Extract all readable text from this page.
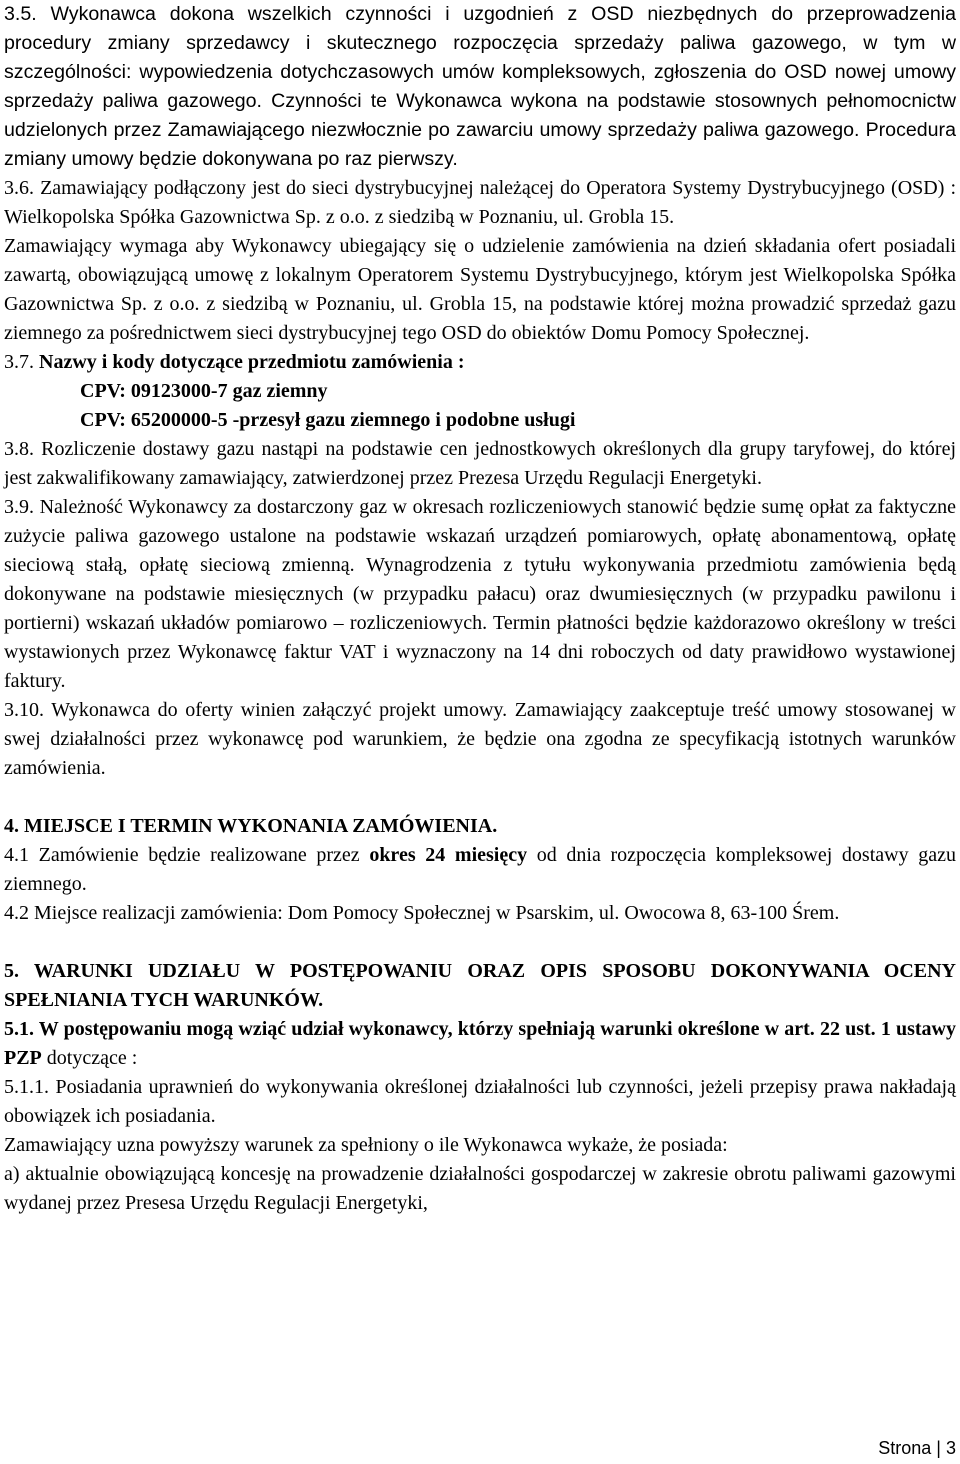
3.5. Wykonawca dokona wszelkich czynności i uzgodnień z OSD niezbędnych do przeprowadzenia procedury zmiany sprzedawcy i skutecznego rozpoczęcia sprzedaży paliwa gazowego, w tym w szczególności: wypowiedzenia dotychczasowych umów kompleksowych, zgłoszenia do OSD nowej umowy sprzedaży paliwa gazowego. Czynności te Wykonawca wykona na podstawie stosownych pełnomocnictw udzielonych przez Zamawiającego niezwłocznie po zawarciu umowy sprzedaży paliwa gazowego. Procedura zmiany umowy będzie dokonywana po raz pierwszy.

3.6. Zamawiający podłączony jest do sieci dystrybucyjnej należącej do Operatora Systemy Dystrybucyjnego (OSD) : Wielkopolska Spółka Gazownictwa Sp. z o.o. z siedzibą w Poznaniu, ul. Grobla 15.

Zamawiający wymaga aby Wykonawcy ubiegający się o udzielenie zamówienia na dzień składania ofert posiadali zawartą, obowiązującą umowę z lokalnym Operatorem Systemu Dystrybucyjnego, którym jest Wielkopolska Spółka Gazownictwa Sp. z o.o. z siedzibą w Poznaniu, ul. Grobla 15, na podstawie której można prowadzić sprzedaż gazu ziemnego za pośrednictwem sieci dystrybucyjnej tego OSD do obiektów Domu Pomocy Społecznej.

3.7. Nazwy i kody dotyczące przedmiotu zamówienia :

CPV: 09123000-7 gaz ziemny

CPV: 65200000-5 -przesył gazu ziemnego i podobne usługi

3.8. Rozliczenie dostawy gazu nastąpi na podstawie cen jednostkowych określonych dla grupy taryfowej, do której jest zakwalifikowany zamawiający, zatwierdzonej przez Prezesa Urzędu Regulacji Energetyki.

3.9. Należność Wykonawcy za dostarczony gaz w okresach rozliczeniowych stanowić będzie sumę opłat za faktyczne zużycie paliwa gazowego ustalone na podstawie wskazań urządzeń pomiarowych, opłatę abonamentową, opłatę sieciową stałą, opłatę sieciową zmienną. Wynagrodzenia z tytułu wykonywania przedmiotu zamówienia będą dokonywane na podstawie miesięcznych (w przypadku pałacu) oraz dwumiesięcznych (w przypadku pawilonu i portierni) wskazań układów pomiarowo – rozliczeniowych. Termin płatności będzie każdorazowo określony w treści wystawionych przez Wykonawcę faktur VAT i wyznaczony na 14 dni roboczych od daty prawidłowo wystawionej faktury.

3.10. Wykonawca do oferty winien załączyć projekt umowy. Zamawiający zaakceptuje treść umowy stosowanej w swej działalności przez wykonawcę pod warunkiem, że będzie ona zgodna ze specyfikacją istotnych warunków zamówienia.

4. MIEJSCE I TERMIN WYKONANIA ZAMÓWIENIA.

4.1 Zamówienie będzie realizowane przez okres 24 miesięcy od dnia rozpoczęcia kompleksowej dostawy gazu ziemnego.

4.2 Miejsce realizacji zamówienia: Dom Pomocy Społecznej w Psarskim, ul. Owocowa 8, 63-100 Śrem.

5. WARUNKI UDZIAŁU W POSTĘPOWANIU ORAZ OPIS SPOSOBU DOKONYWANIA OCENY SPEŁNIANIA TYCH WARUNKÓW.

5.1. W postępowaniu mogą wziąć udział wykonawcy, którzy spełniają warunki określone w art. 22 ust. 1 ustawy PZP dotyczące :

5.1.1. Posiadania uprawnień do wykonywania określonej działalności lub czynności, jeżeli przepisy prawa nakładają obowiązek ich posiadania.

Zamawiający uzna powyższy warunek za spełniony o ile Wykonawca wykaże, że posiada:

a) aktualnie obowiązującą koncesję na prowadzenie działalności gospodarczej w zakresie obrotu paliwami gazowymi wydanej przez Presesa Urzędu Regulacji Energetyki,

Strona | 3
